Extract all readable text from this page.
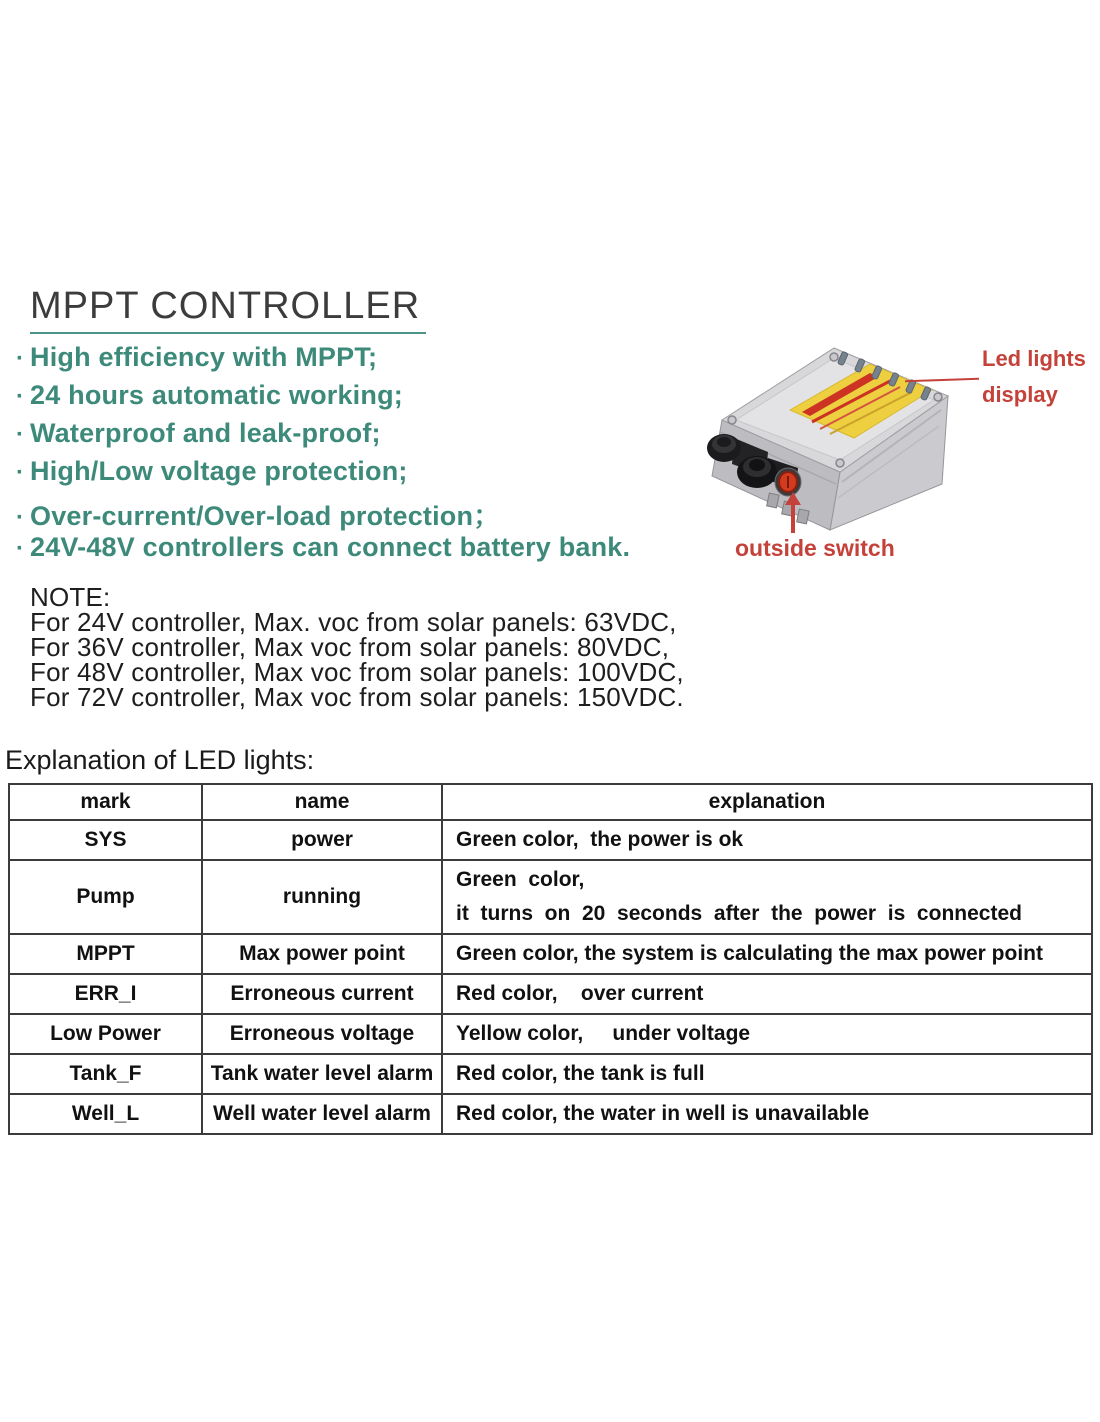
MPPT CONTROLLER
· High efficiency with MPPT;
· 24 hours automatic working;
· Waterproof and leak-proof;
· High/Low voltage protection;
· Over-current/Over-load protection；
· 24V-48V controllers can connect battery bank.
Led lights
display
outside switch
NOTE:
For 24V controller, Max. voc from solar panels: 63VDC,
For 36V controller, Max voc from solar panels: 80VDC,
For 48V controller, Max voc from solar panels: 100VDC,
For 72V controller, Max voc from solar panels: 150VDC.
Explanation of LED lights:
mark	name	explanation
SYS	power	Green color,  the power is ok

Pump	running	Green  color,
it  turns  on  20  seconds  after  the  power  is  connected

MPPT	Max power point	Green color, the system is calculating the max power point

ERR_I	Erroneous current	Red color,    over current

Low Power	Erroneous voltage	Yellow color,     under voltage

Tank_F	Tank water level alarm	Red color, the tank is full

Well_L	Well water level alarm	Red color, the water in well is unavailable
